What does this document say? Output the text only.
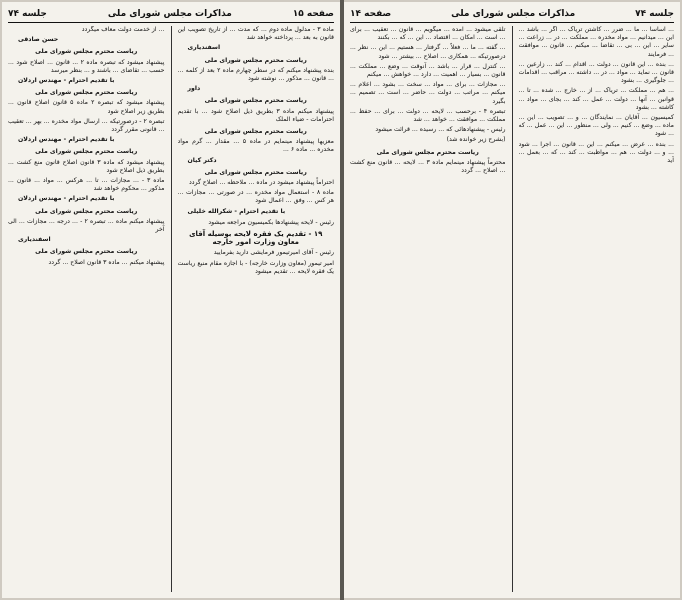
صفحه ۱۵
مذاکرات مجلس شورای ملی
جلسه ۷۴

ماده ۳ - مدلول ماده دوم ... که مدت ... از تاریخ تصویب این قانون به بعد ... پرداخته خواهد شد

اسفندیاری
ریاست محترم مجلس شورای ملی

بنده پیشنهاد میکنم که در سطر چهارم ماده ۲ بعد از کلمه ... ... قانون ... مذکور ... نوشته شود

داور
ریاست محترم مجلس شورای ملی

پیشنهاد میکنم ماده ۳ بطریق ذیل اصلاح شود ... با تقدیم احترامات - ضیاء الملک

ریاست محترم مجلس شورای ملی

معزیها پیشنهاد مینمایم در ماده ۵ ... مقدار ... گرم مواد مخدره ... ماده ۶ ...

دکتر کیان
ریاست محترم مجلس شورای ملی

احتراماً پیشنهاد میشود در ماده ... ملاحظه ... اصلاح گردد

ماده ۸ - استعمال مواد مخدره ... در صورتی ... مجازات ... هر کس ... وفق ... اعمال شود

با تقدیم احترام - شکرالله خلیلی

رئیس - لایحه پیشنهادها بکمیسیون مراجعه میشود

۱۹ - تقدیم یک فقره لایحه بوسیله آقای معاون وزارت امور خارجه

رئیس - آقای امیرتیمور فرمایشی دارید بفرمایید

امیر تیمور (معاون وزارت خارجه) - با اجازه مقام منیع ریاست یک فقره لایحه ... تقدیم میشود

... از خدمت دولت معاف میگردد

حسن صادقی
ریاست محترم مجلس شورای ملی

پیشنهاد میشود که تبصره ماده ۲ ... قانون ... اصلاح شود ... حسب ... تقاضای ... باشند و ... بنظر میرسد

با تقدیم احترام - مهندس اردلان
ریاست محترم مجلس شورای ملی

پیشنهاد میشود که تبصره ۲ ماده ۵ قانون اصلاح قانون ... بطریق زیر اصلاح شود

تبصره ۲ - درصورتیکه ... ارسال مواد مخدره ... بهر ... تعقیب ... قانونی مقرر گردد

با تقدیم احترام - مهندس اردلان
ریاست محترم مجلس شورای ملی

پیشنهاد میشود که ماده ۳ قانون اصلاح قانون منع کشت ... بطریق ذیل اصلاح شود

ماده ۳ - ... مجازات ... تا ... هرکس ... مواد ... قانون ... مذکور ... محکوم خواهد شد

با تقدیم احترام - مهندس اردلان
ریاست محترم مجلس شورای ملی

پیشنهاد میکنم ماده ... تبصره ۲ - ... درجه ... مجازات ... الی آخر

اسفندیاری
ریاست محترم مجلس شورای ملی

پیشنهاد میکنم ... ماده ۳ قانون اصلاح ... گردد

جلسه ۷۴
مذاکرات مجلس شورای ملی
صفحه ۱۴

... اساساً ... ما ... ضرر ... کاشتن تریاک ... اگر ... باشد ... این ... میدانیم ... مواد مخدره ... مملکت ... در ... زراعت ... سایر ... این ... بی ... تقاضا ... میکنم ... قانون ... موافقت ... فرمایند

... بنده ... این قانون ... دولت ... اقدام ... کند ... زارعین ... قانون ... نماید ... مواد ... در ... داشته ... مراقب ... اقدامات ... جلوگیری ... بشود

... هم ... مملکت ... تریاک ... از ... خارج ... شده ... تا ... قوانین ... آنها ... دولت ... عمل ... کند ... بجای ... مواد ... کاشته ... بشود

کمیسیون ... آقایان ... نمایندگان ... و ... تصویب ... این ... ماده ... وضع ... کنیم ... ولی ... منظور ... این ... عمل ... که ... شود

... بنده ... عرض ... میکنم ... این ... قانون ... اجرا ... شود ... و ... دولت ... هم ... مواظبت ... کند ... که ... بعمل ... آید

تلقی میشود ... آمده ... میگویم ... قانون ... تعقیب ... برای ... است ... امکان ... اقتصاد ... این ... که ... بکنند

... گفته ... ما ... فعلاً ... گرفتار ... هستیم ... این ... نظر ... درصورتیکه ... همکاری ... اصلاح ... بیشتر ... شود

... کنترل ... قرار ... باشد ... آنوقت ... وضع ... مملکت ... قانون ... بسیار ... اهمیت ... دارد ... خواهش ... میکنم

... مجازات ... برای ... مواد ... سخت ... بشود ... اعلام ... میکنم ... مراتب ... دولت ... حاضر ... است ... تصمیم ... بگیرد

تبصره ۴ - برحسب ... لایحه ... دولت ... برای ... حفظ ... مملکت ... موافقت ... خواهد ... شد

رئیس - پیشنهادهائی که ... رسیده ... قرائت میشود

(بشرح زیر خوانده شد)

ریاست محترم مجلس شورای ملی

محترماً پیشنهاد مینمایم ماده ۳ ... لایحه ... قانون منع کشت ... اصلاح ... گردد
